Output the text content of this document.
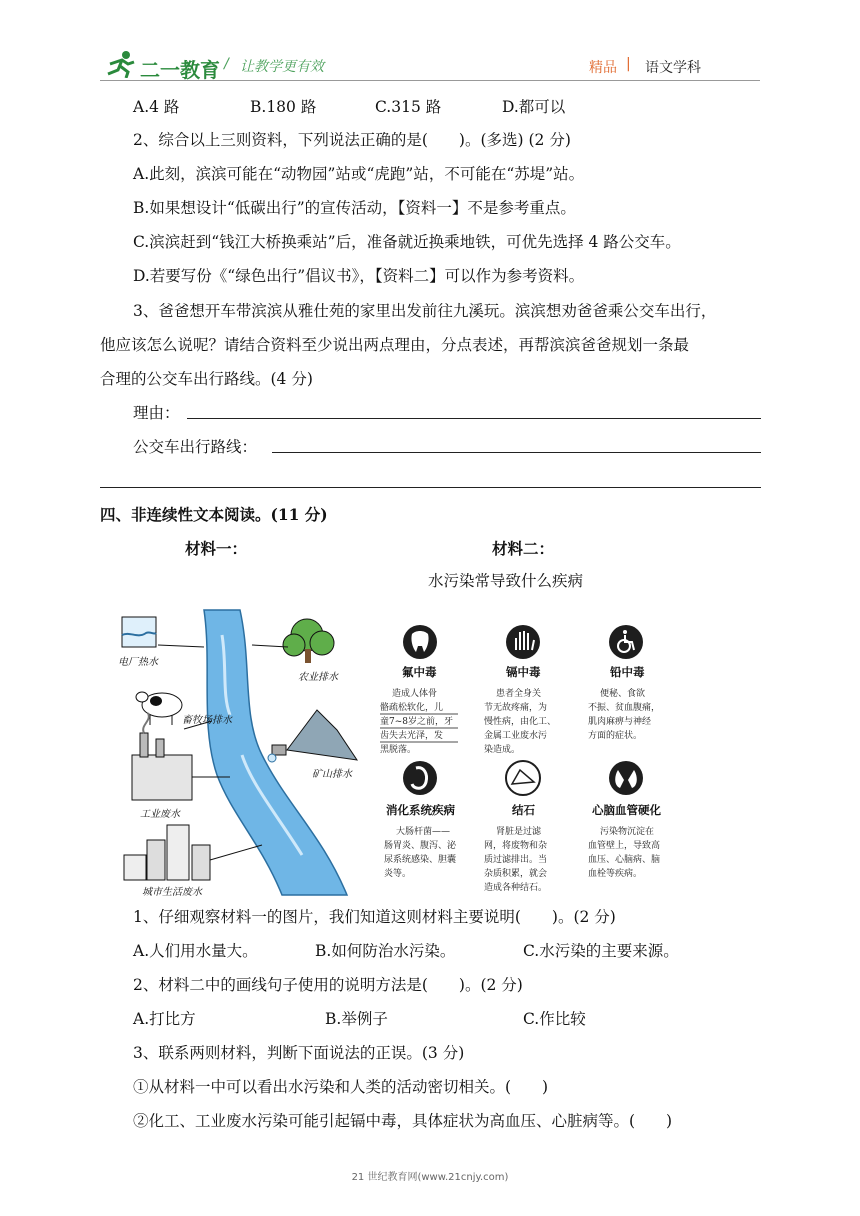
二一教育 / 让教学更有效	精品 | 语文学科
A.4 路	B.180 路	C.315 路	D.都可以
2、综合以上三则资料，下列说法正确的是(　　)。(多选) (2 分)
A.此刻，滨滨可能在“动物园”站或“虎跑”站，不可能在“苏堤”站。
B.如果想设计“低碳出行”的宣传活动，【资料一】不是参考重点。
C.滨滨赶到“钱江大桥换乘站”后，准备就近换乘地铁，可优先选择 4 路公交车。
D.若要写份《“绿色出行”倡议书》，【资料二】可以作为参考资料。
3、爸爸想开车带滨滨从雅仕苑的家里出发前往九溪玩。滨滨想劝爸爸乘公交车出行，
他应该怎么说呢？请结合资料至少说出两点理由，分点表述，再帮滨滨爸爸规划一条最
合理的公交车出行路线。(4 分)
理由：
公交车出行路线：
四、非连续性文本阅读。(11 分)
材料一：	材料二：
水污染常导致什么疾病
电厂热水
畜牧场排水
农业排水
矿山排水
工业废水
城市生活废水
氟中毒	镉中毒	铅中毒
造成人体骨
骼疏松软化，儿
童7~8岁之前，牙
齿失去光泽，发
黑脱落。
患者全身关
节无故疼痛，为
慢性病，由化工、
金属工业废水污
染造成。
便秘、食欲
不振、贫血腹痛，
肌肉麻痹与神经
方面的症状。
消化系统疾病	结石	心脑血管硬化
大肠杆菌——
肠胃炎、腹泻、泌
尿系统感染、胆囊
炎等。
肾脏是过滤
网，将废物和杂
质过滤排出。当
杂质积累，就会
造成各种结石。
污染物沉淀在
血管壁上，导致高
血压、心脑病、脑
血栓等疾病。
1、仔细观察材料一的图片，我们知道这则材料主要说明(　　)。(2 分)
A.人们用水量大。	B.如何防治水污染。	C.水污染的主要来源。
2、材料二中的画线句子使用的说明方法是(　　)。(2 分)
A.打比方	B.举例子	C.作比较
3、联系两则材料，判断下面说法的正误。(3 分)
①从材料一中可以看出水污染和人类的活动密切相关。(　　)
②化工、工业废水污染可能引起镉中毒，具体症状为高血压、心脏病等。(　　)
21 世纪教育网(www.21cnjy.com)
